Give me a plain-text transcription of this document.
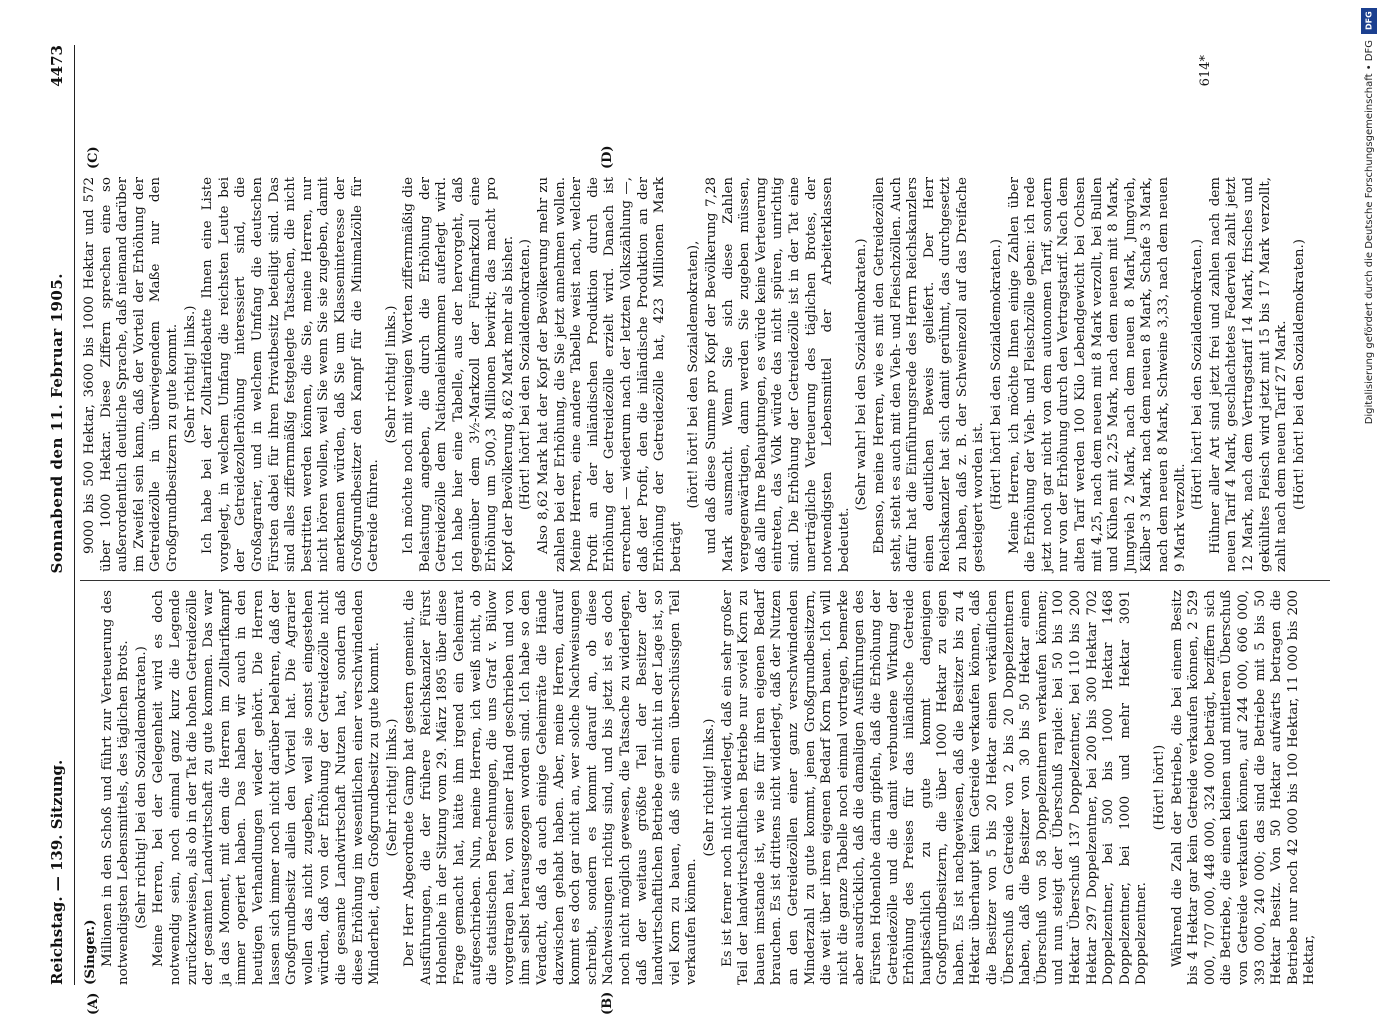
Reichstag. — 139. Sitzung.
Sonnabend den 11. Februar 1905.
4473

(Singer.) Millionen in den Schoß und führt zur Verteuerung des notwendigsten Lebensmittels, des täglichen Brots. (Sehr richtig! bei den Sozialdemokraten.) Meine Herren, bei der Gelegenheit wird es doch notwendig sein, noch einmal ganz kurz die Legende zurückzuweisen, als ob in der Tat die hohen Getreidezölle der gesamten Landwirtschaft zu gute kommen. Das war ja das Moment, mit dem die Herren im Zolltarifkampf immer operiert haben. Das haben wir auch in den heutigen Verhandlungen wieder gehört. Die Herren lassen sich immer noch nicht darüber belehren, daß der Großgrundbesitz allein den Vorteil hat. Die Agrarier wollen das nicht zugeben, weil sie sonst eingestehen würden, daß von der Erhöhung der Getreidezölle nicht die gesamte Landwirtschaft Nutzen hat, sondern daß diese Erhöhung im wesentlichen einer verschwindenden Minderheit, dem Großgrundbesitz zu gute kommt. (Sehr richtig! links.) Der Herr Abgeordnete Gamp hat gestern gemeint, die Ausführungen, die der frühere Reichskanzler Fürst Hohenlohe in der Sitzung vom 29. März 1895 über diese Frage gemacht hat, hätte ihm irgend ein Geheimrat aufgeschrieben. Nun, meine Herren, ich weiß nicht, ob die statistischen Berechnungen, die uns Graf v. Bülow vorgetragen hat, von seiner Hand geschrieben und von ihm selbst herausgezogen worden sind. Ich habe so den Verdacht, daß da auch einige Geheimräte die Hände dazwischen gehabt haben. Aber, meine Herren, darauf kommt es doch gar nicht an, wer solche Nachweisungen schreibt, sondern es kommt darauf an, ob diese Nachweisungen richtig sind, und bis jetzt ist es doch noch nicht möglich gewesen, die Tatsache zu widerlegen, daß der weitaus größte Teil der Besitzer der landwirtschaftlichen Betriebe gar nicht in der Lage ist, so viel Korn zu bauen, daß sie einen überschüssigen Teil verkaufen können.

(Sehr richtig! links.) Es ist ferner noch nicht widerlegt, daß ein sehr großer Teil der landwirtschaftlichen Betriebe nur soviel Korn zu bauen imstande ist, wie sie für ihren eigenen Bedarf brauchen. Es ist drittens nicht widerlegt, daß der Nutzen an den Getreidezöllen einer ganz verschwindenden Minderzahl zu gute kommt, jenen Großgrundbesitzern, die weit über ihren eigenen Bedarf Korn bauen. Ich will nicht die ganze Tabelle noch einmal vortragen, bemerke aber ausdrücklich, daß die damaligen Ausführungen des Fürsten Hohenlohe darin gipfeln, daß die Erhöhung der Getreidezölle und die damit verbundene Wirkung der Erhöhung des Preises für das inländische Getreide hauptsächlich zu gute kommt denjenigen Großgrundbesitzern, die über 1000 Hektar zu eigen haben. Es ist nachgewiesen, daß die Besitzer bis zu 4 Hektar überhaupt kein Getreide verkaufen können, daß die Besitzer von 5 bis 20 Hektar einen verkäuflichen Überschuß an Getreide von 2 bis 20 Doppelzentnern haben, daß die Besitzer von 30 bis 50 Hektar einen Überschuß von 58 Doppelzentnern verkaufen können; und nun steigt der Überschuß rapide: bei 50 bis 100 Hektar Überschuß 137 Doppelzentner, bei 110 bis 200 Hektar 297 Doppelzentner, bei 200 bis 300 Hektar 702 Doppelzentner, bei 500 bis 1000 Hektar 1468 Doppelzentner, bei 1000 und mehr Hektar 3091 Doppelzentner.

(Hört! hört!) Während die Zahl der Betriebe, die bei einem Besitz bis 4 Hektar gar kein Getreide verkaufen können, 2 529 000, 707 000, 448 000, 324 000 beträgt, beziffern sich die Betriebe, die einen kleinen und mittleren Überschuß von Getreide verkaufen können, auf 244 000, 606 000, 393 000, 240 000; das sind die Betriebe mit 5 bis 50 Hektar Besitz. Von 50 Hektar aufwärts betragen die Betriebe nur noch 42 000 bis 100 Hektar, 11 000 bis 200 Hektar,

9000 bis 500 Hektar, 3600 bis 1000 Hektar und 572 über 1000 Hektar. Diese Ziffern sprechen eine so außerordentlich deutliche Sprache, daß niemand darüber im Zweifel sein kann, daß der Vorteil der Erhöhung der Getreidezölle in überwiegendem Maße nur den Großgrundbesitzern zu gute kommt. (Sehr richtig! links.) Ich habe bei der Zolltarifdebatte Ihnen eine Liste vorgelegt, in welchem Umfang die reichsten Leute bei der Getreidezollerhöhung interessiert sind, die Großagrarier, und in welchem Umfang die deutschen Fürsten dabei für ihren Privatbesitz beteiligt sind. Das sind alles ziffernmäßig festgelegte Tatsachen, die nicht bestritten werden können, die Sie, meine Herren, nur nicht hören wollen, weil Sie wenn Sie sie zugeben, damit anerkennen würden, daß Sie um Klasseninteresse der Großgrundbesitzer den Kampf für die Minimalzölle für Getreide führen.

(Sehr richtig! links.) Ich möchte noch mit wenigen Worten ziffernmäßig die Belastung angeben, die durch die Erhöhung der Getreidezölle dem Nationaleinkommen auferlegt wird. Ich habe hier eine Tabelle, aus der hervorgeht, daß gegenüber dem 3½-Markzoll der Fünfmarkzoll eine Erhöhung um 500,3 Millionen bewirkt; das macht pro Kopf der Bevölkerung 8,62 Mark mehr als bisher. (Hört! hört! bei den Sozialdemokraten.) Also 8,62 Mark hat der Kopf der Bevölkerung mehr zu zahlen bei der Erhöhung, die Sie jetzt annehmen wollen. Meine Herren, eine andere Tabelle weist nach, welcher Profit an der inländischen Produktion durch die Erhöhung der Getreidezölle erzielt wird. Danach ist errechnet — wiederum nach der letzten Volkszählung —, daß der Profit, den die inländische Produktion an der Erhöhung der Getreidezölle hat, 423 Millionen Mark beträgt

(hört! hört! bei den Sozialdemokraten), und daß diese Summe pro Kopf der Bevölkerung 7,28 Mark ausmacht. Wenn Sie sich diese Zahlen vergegenwärtigen, dann werden Sie zugeben müssen, daß alle Ihre Behauptungen, es würde keine Verteuerung eintreten, das Volk würde das nicht spüren, unrichtig sind. Die Erhöhung der Getreidezölle ist in der Tat eine unerträgliche Verteuerung des täglichen Brotes, der notwendigsten Lebensmittel der Arbeiterklassen bedeutet.

(Sehr wahr! bei den Sozialdemokraten.) Ebenso, meine Herren, wie es mit den Getreidezöllen steht, steht es auch mit den Vieh- und Fleischzöllen. Auch dafür hat die Einführungsrede des Herrn Reichskanzlers einen deutlichen Beweis geliefert. Der Herr Reichskanzler hat sich damit gerühmt, das durchgesetzt zu haben, daß z. B. der Schweinezoll auf das Dreifache gesteigert worden ist. (Hört! hört! bei den Sozialdemokraten.) Meine Herren, ich möchte Ihnen einige Zahlen über die Erhöhung der Vieh- und Fleischzölle geben: ich rede jetzt noch gar nicht von dem autonomen Tarif, sondern nur von der Erhöhung durch den Vertragstarif. Nach dem alten Tarif werden 100 Kilo Lebendgewicht bei Ochsen mit 4,25, nach dem neuen mit 8 Mark verzollt, bei Bullen und Kühen mit 2,25 Mark, nach dem neuen mit 8 Mark, Jungvieh 2 Mark, nach dem neuen 8 Mark, Jungvieh, Kälber 3 Mark, nach dem neuen 8 Mark, Schafe 3 Mark, nach dem neuen 8 Mark, Schweine 3,33, nach dem neuen 9 Mark verzollt.

(Hört! hört! bei den Sozialdemokraten.) Hühner aller Art sind jetzt frei und zahlen nach dem neuen Tarif 4 Mark, geschlachtetes Federvieh zahlt jetzt 12 Mark, nach dem Vertragstarif 14 Mark, frisches und gekühltes Fleisch wird jetzt mit 15 bis 17 Mark verzollt, zahlt nach dem neuen Tarif 27 Mark. (Hört! hört! bei den Sozialdemokraten.)

(A)	(B)
(C)	(D)
614*
DFG
Digitalisierung gefördert durch die Deutsche Forschungsgemeinschaft • DFG
